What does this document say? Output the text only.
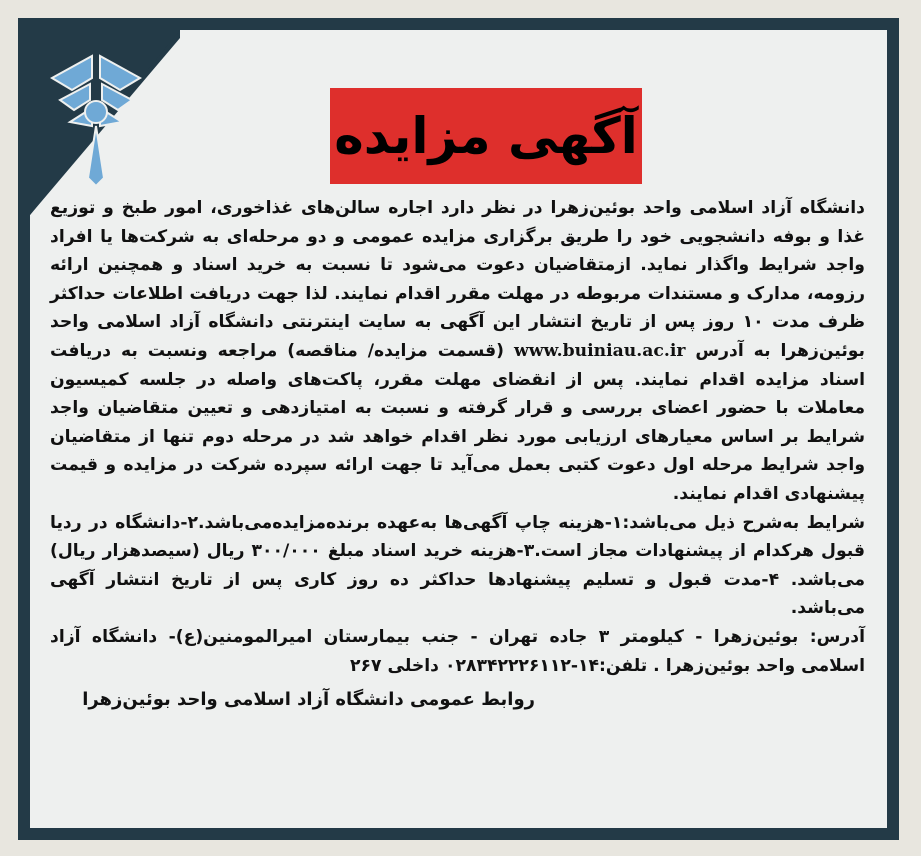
آگهی مزایده

دانشگاه آزاد اسلامی واحد بوئین‌زهرا در نظر دارد اجاره سالن‌های غذاخوری، امور طبخ و توزیع غذا و بوفه دانشجویی خود را طریق برگزاری مزایده عمومی و دو مرحله‌ای به شرکت‌ها یا افراد واجد شرایط واگذار نماید. ازمتقاضیان دعوت می‌شود تا نسبت به خرید اسناد و همچنین ارائه رزومه، مدارک و مستندات مربوطه در مهلت مقرر اقدام نمایند. لذا جهت دریافت اطلاعات حداکثر ظرف مدت ۱۰ روز پس از تاریخ انتشار این آگهی به سایت اینترنتی دانشگاه آزاد اسلامی واحد بوئین‌زهرا به آدرس www.buiniau.ac.ir (قسمت مزایده/ مناقصه) مراجعه ونسبت به دریافت اسناد مزایده اقدام نمایند. پس از انقضای مهلت مقرر، پاکت‌های واصله در جلسه کمیسیون معاملات با حضور اعضای بررسی و قرار گرفته و نسبت به امتیازدهی و تعیین متقاضیان واجد شرایط بر اساس معیارهای ارزیابی مورد نظر اقدام خواهد شد در مرحله دوم تنها از متقاضیان واجد شرایط مرحله اول دعوت کتبی بعمل می‌آید تا جهت ارائه سپرده شرکت در مزایده و قیمت پیشنهادی اقدام نمایند.

شرایط به‌شرح ذیل می‌باشد:۱-هزینه چاپ آگهی‌ها به‌عهده برنده‌مزایده‌می‌باشد.۲-دانشگاه در ردیا قبول هرکدام از پیشنهادات مجاز است.۳-هزینه خرید اسناد مبلغ ۳۰۰/۰۰۰ ریال (سیصدهزار ریال) می‌باشد. ۴-مدت قبول و تسلیم پیشنهادها حداکثر ده روز کاری پس از تاریخ انتشار آگهی می‌باشد.

آدرس: بوئین‌زهرا - کیلومتر ۳ جاده تهران - جنب بیمارستان امیرالمومنین(ع)- دانشگاه آزاد اسلامی واحد بوئین‌زهرا . تلفن:۱۴-۰۲۸۳۴۲۲۲۶۱۱۲ داخلی ۲۶۷

روابط عمومی دانشگاه آزاد اسلامی واحد بوئین‌زهرا
